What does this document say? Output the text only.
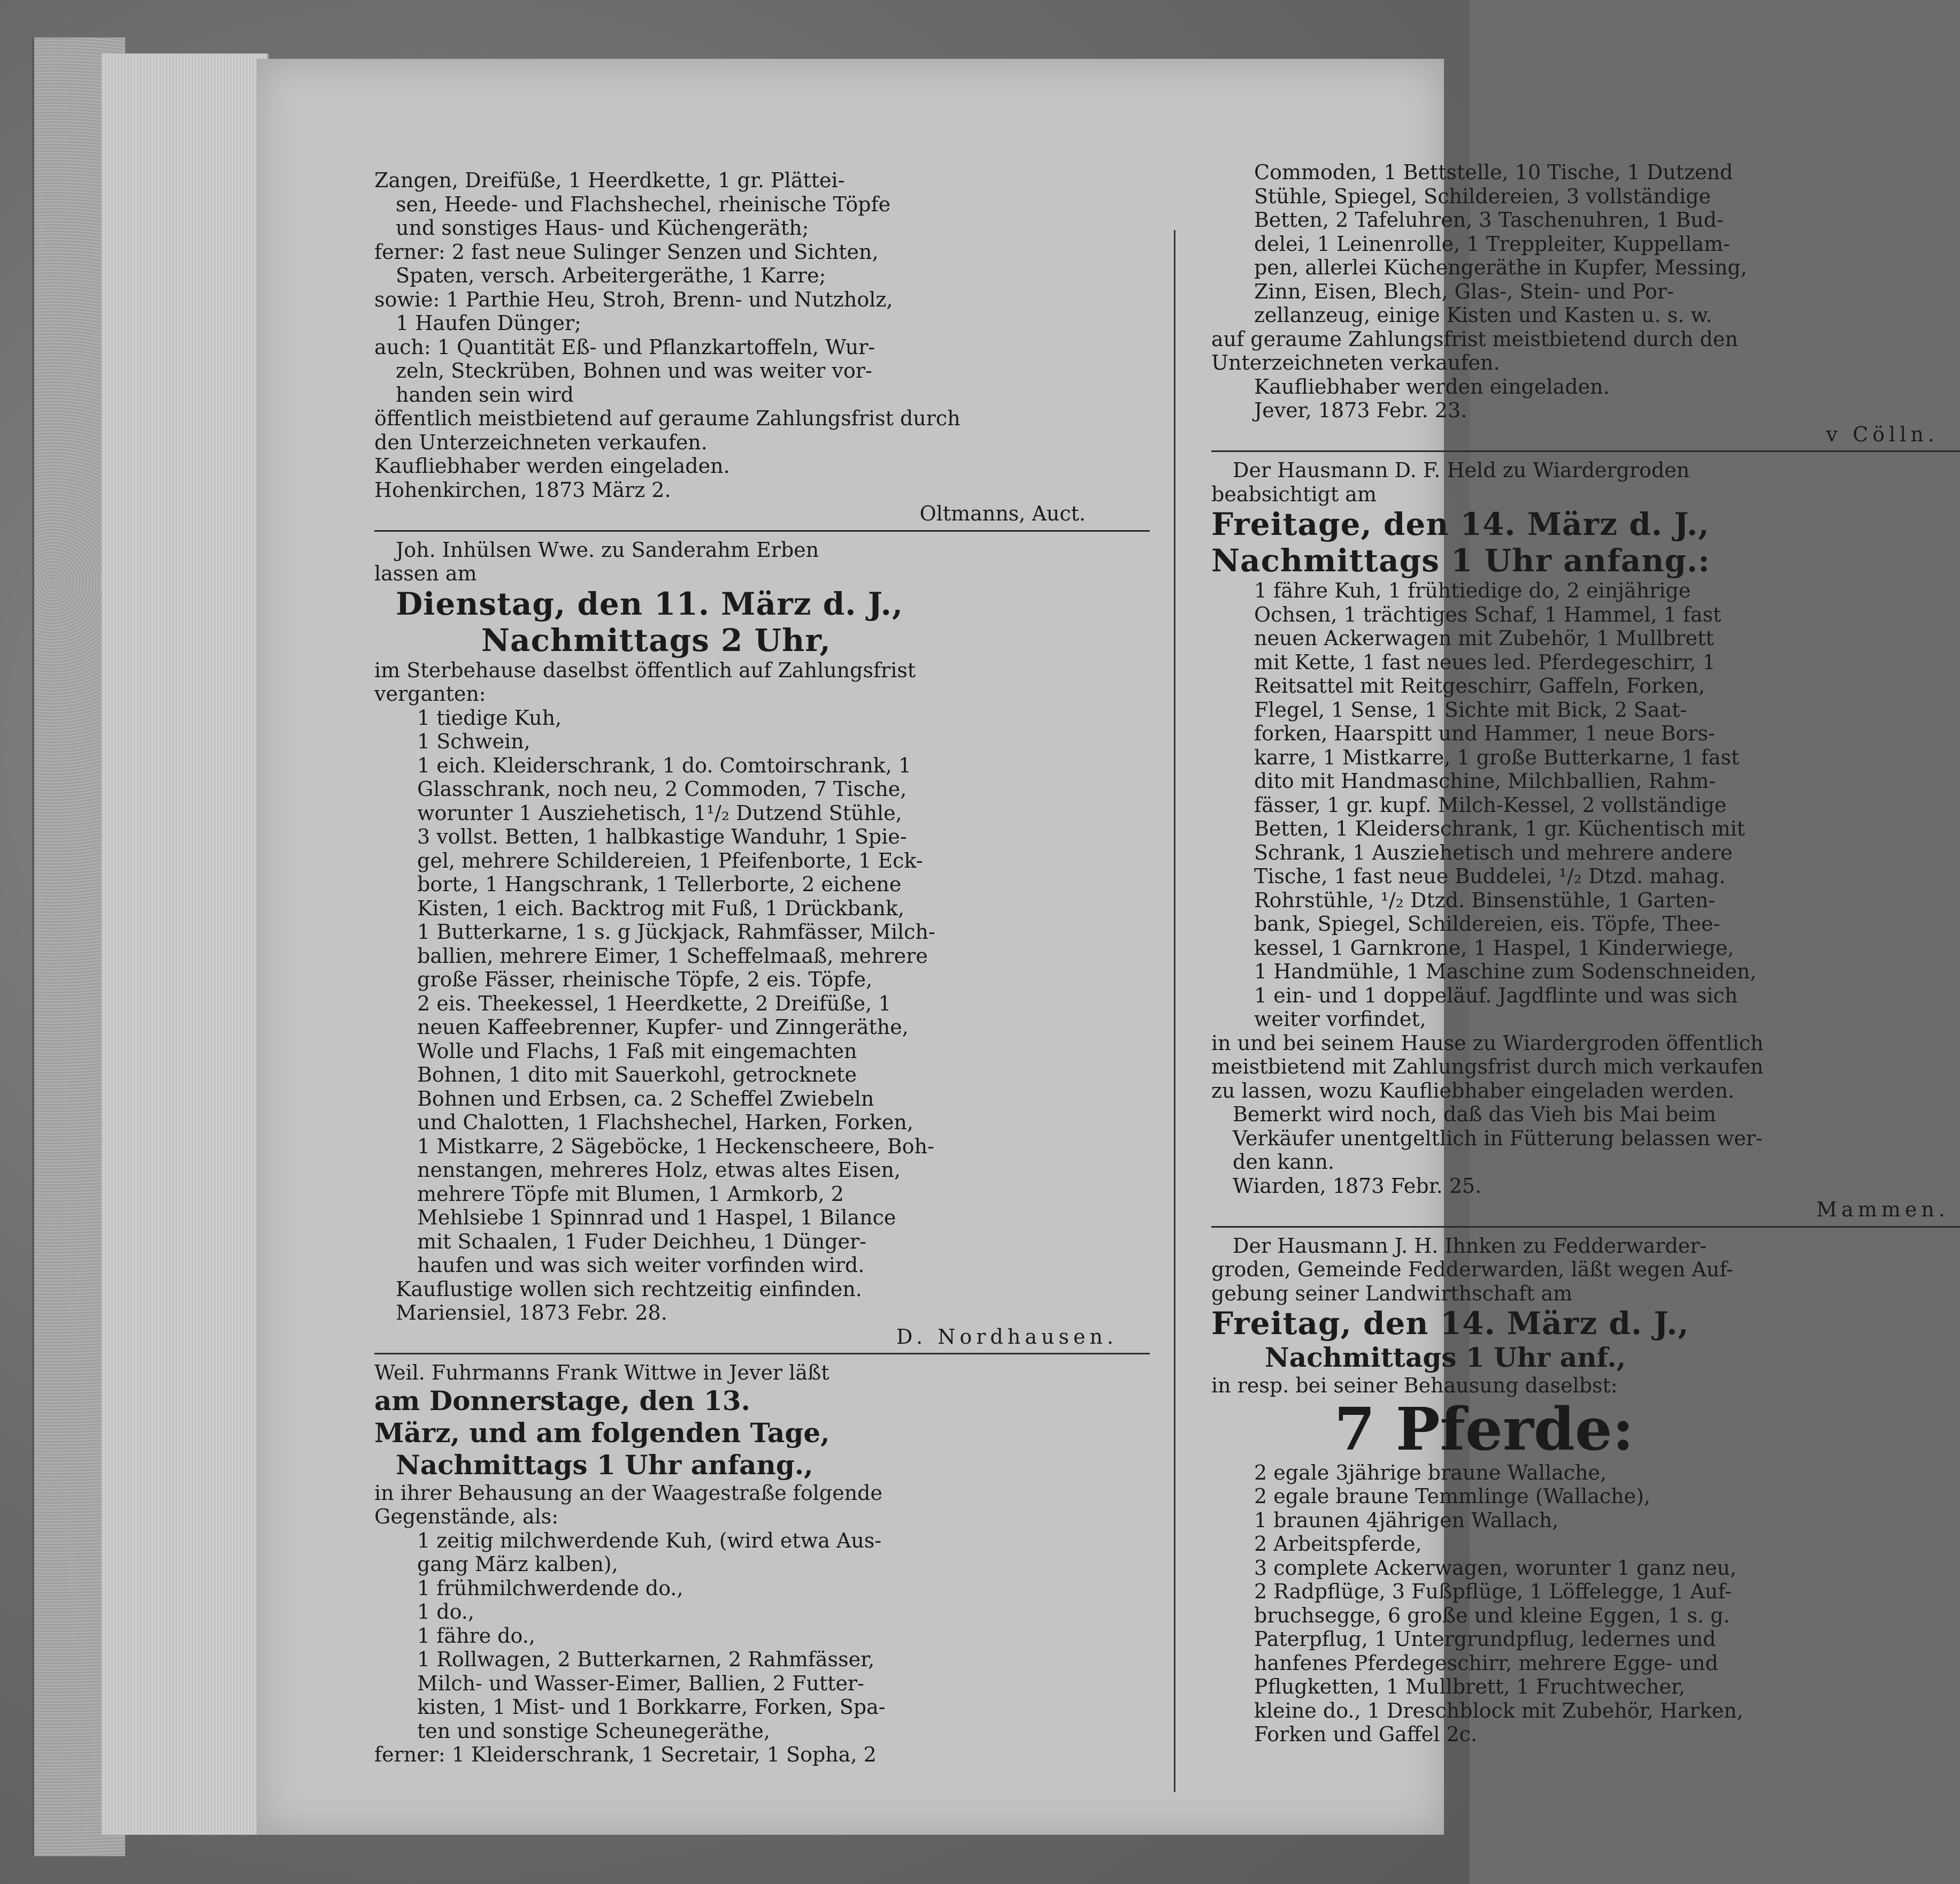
Zangen, Dreifüße, 1 Heerdkette, 1 gr. Plättei-
sen, Heede- und Flachshechel, rheinische Töpfe
und sonstiges Haus- und Küchengeräth;
ferner: 2 fast neue Sulinger Senzen und Sichten,
Spaten, versch. Arbeitergeräthe, 1 Karre;
sowie: 1 Parthie Heu, Stroh, Brenn- und Nutzholz,
1 Haufen Dünger;
auch: 1 Quantität Eß- und Pflanzkartoffeln, Wur-
zeln, Steckrüben, Bohnen und was weiter vor-
handen sein wird
öffentlich meistbietend auf geraume Zahlungsfrist durch
den Unterzeichneten verkaufen.
Kaufliebhaber werden eingeladen.
Hohenkirchen, 1873 März 2.
Oltmanns, Auct.
Joh. Inhülsen Wwe. zu Sanderahm Erben
lassen am
Dienstag, den 11. März d. J.,
Nachmittags 2 Uhr,
im Sterbehause daselbst öffentlich auf Zahlungsfrist
verganten:
1 tiedige Kuh,
1 Schwein,
1 eich. Kleiderschrank, 1 do. Comtoirschrank, 1
Glasschrank, noch neu, 2 Commoden, 7 Tische,
worunter 1 Ausziehetisch, 1¹/₂ Dutzend Stühle,
3 vollst. Betten, 1 halbkastige Wanduhr, 1 Spie-
gel, mehrere Schildereien, 1 Pfeifenborte, 1 Eck-
borte, 1 Hangschrank, 1 Tellerborte, 2 eichene
Kisten, 1 eich. Backtrog mit Fuß, 1 Drückbank,
1 Butterkarne, 1 s. g Jückjack, Rahmfässer, Milch-
ballien, mehrere Eimer, 1 Scheffelmaaß, mehrere
große Fässer, rheinische Töpfe, 2 eis. Töpfe,
2 eis. Theekessel, 1 Heerdkette, 2 Dreifüße, 1
neuen Kaffeebrenner, Kupfer- und Zinngeräthe,
Wolle und Flachs, 1 Faß mit eingemachten
Bohnen, 1 dito mit Sauerkohl, getrocknete
Bohnen und Erbsen, ca. 2 Scheffel Zwiebeln
und Chalotten, 1 Flachshechel, Harken, Forken,
1 Mistkarre, 2 Sägeböcke, 1 Heckenscheere, Boh-
nenstangen, mehreres Holz, etwas altes Eisen,
mehrere Töpfe mit Blumen, 1 Armkorb, 2
Mehlsiebe 1 Spinnrad und 1 Haspel, 1 Bilance
mit Schaalen, 1 Fuder Deichheu, 1 Dünger-
haufen und was sich weiter vorfinden wird.
Kauflustige wollen sich rechtzeitig einfinden.
Mariensiel, 1873 Febr. 28.
D. Nordhausen.
Weil. Fuhrmanns Frank Wittwe in Jever läßt
am Donnerstage, den 13.
März, und am folgenden Tage,
Nachmittags 1 Uhr anfang.,
in ihrer Behausung an der Waagestraße folgende
Gegenstände, als:
1 zeitig milchwerdende Kuh, (wird etwa Aus-
gang März kalben),
1 frühmilchwerdende do.,
1 do.,
1 fähre do.,
1 Rollwagen, 2 Butterkarnen, 2 Rahmfässer,
Milch- und Wasser-Eimer, Ballien, 2 Futter-
kisten, 1 Mist- und 1 Borkkarre, Forken, Spa-
ten und sonstige Scheunegeräthe,
ferner: 1 Kleiderschrank, 1 Secretair, 1 Sopha, 2
Commoden, 1 Bettstelle, 10 Tische, 1 Dutzend
Stühle, Spiegel, Schildereien, 3 vollständige
Betten, 2 Tafeluhren, 3 Taschenuhren, 1 Bud-
delei, 1 Leinenrolle, 1 Treppleiter, Kuppellam-
pen, allerlei Küchengeräthe in Kupfer, Messing,
Zinn, Eisen, Blech, Glas-, Stein- und Por-
zellanzeug, einige Kisten und Kasten u. s. w.
auf geraume Zahlungsfrist meistbietend durch den
Unterzeichneten verkaufen.
Kaufliebhaber werden eingeladen.
Jever, 1873 Febr. 23.
v Cölln.
Der Hausmann D. F. Held zu Wiardergroden
beabsichtigt am
Freitage, den 14. März d. J.,
Nachmittags 1 Uhr anfang.:
1 fähre Kuh, 1 frühtiedige do, 2 einjährige
Ochsen, 1 trächtiges Schaf, 1 Hammel, 1 fast
neuen Ackerwagen mit Zubehör, 1 Mullbrett
mit Kette, 1 fast neues led. Pferdegeschirr, 1
Reitsattel mit Reitgeschirr, Gaffeln, Forken,
Flegel, 1 Sense, 1 Sichte mit Bick, 2 Saat-
forken, Haarspitt und Hammer, 1 neue Bors-
karre, 1 Mistkarre, 1 große Butterkarne, 1 fast
dito mit Handmaschine, Milchballien, Rahm-
fässer, 1 gr. kupf. Milch-Kessel, 2 vollständige
Betten, 1 Kleiderschrank, 1 gr. Küchentisch mit
Schrank, 1 Ausziehetisch und mehrere andere
Tische, 1 fast neue Buddelei, ¹/₂ Dtzd. mahag.
Rohrstühle, ¹/₂ Dtzd. Binsenstühle, 1 Garten-
bank, Spiegel, Schildereien, eis. Töpfe, Thee-
kessel, 1 Garnkrone, 1 Haspel, 1 Kinderwiege,
1 Handmühle, 1 Maschine zum Sodenschneiden,
1 ein- und 1 doppeläuf. Jagdflinte und was sich
weiter vorfindet,
in und bei seinem Hause zu Wiardergroden öffentlich
meistbietend mit Zahlungsfrist durch mich verkaufen
zu lassen, wozu Kaufliebhaber eingeladen werden.
Bemerkt wird noch, daß das Vieh bis Mai beim
Verkäufer unentgeltlich in Fütterung belassen wer-
den kann.
Wiarden, 1873 Febr. 25.
Mammen.
Der Hausmann J. H. Ihnken zu Fedderwarder-
groden, Gemeinde Fedderwarden, läßt wegen Auf-
gebung seiner Landwirthschaft am
Freitag, den 14. März d. J.,
Nachmittags 1 Uhr anf.,
in resp. bei seiner Behausung daselbst:
7 Pferde:
2 egale 3jährige braune Wallache,
2 egale braune Temmlinge (Wallache),
1 braunen 4jährigen Wallach,
2 Arbeitspferde,
3 complete Ackerwagen, worunter 1 ganz neu,
2 Radpflüge, 3 Fußpflüge, 1 Löffelegge, 1 Auf-
bruchsegge, 6 große und kleine Eggen, 1 s. g.
Paterpflug, 1 Untergrundpflug, ledernes und
hanfenes Pferdegeschirr, mehrere Egge- und
Pflugketten, 1 Mullbrett, 1 Fruchtwecher,
kleine do., 1 Dreschblock mit Zubehör, Harken,
Forken und Gaffel 2c.
